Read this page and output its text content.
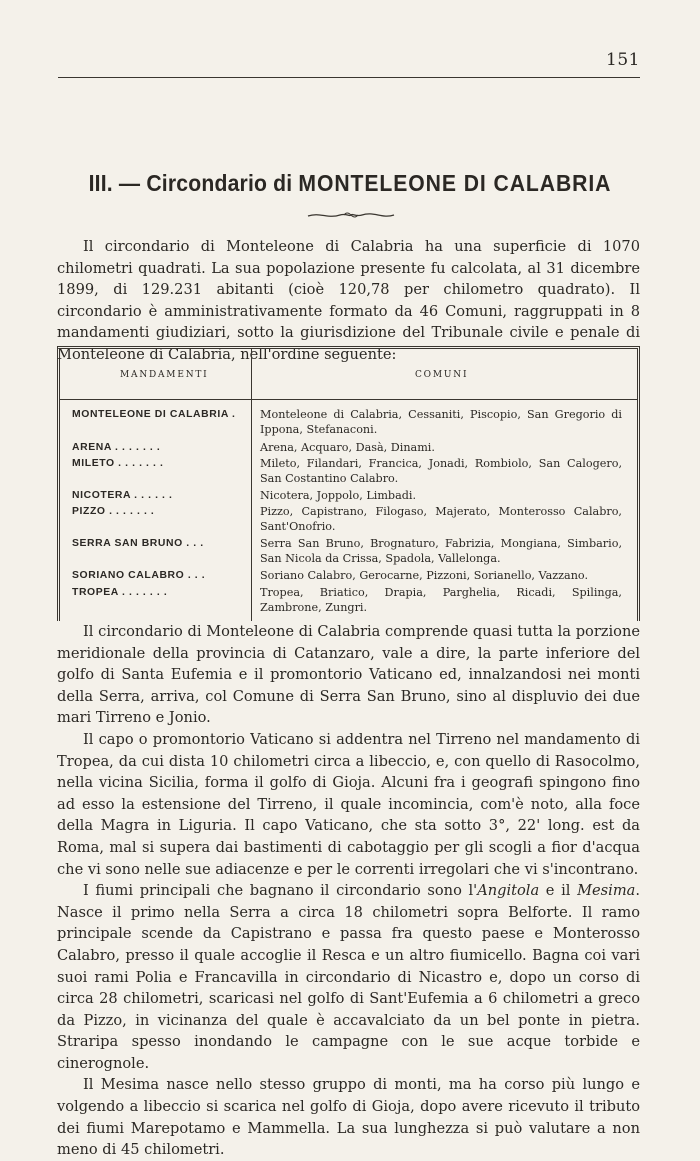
151
III. — Circondario di MONTELEONE DI CALABRIA

Il circondario di Monteleone di Calabria ha una superficie di 1070 chilometri quadrati. La sua popolazione presente fu calcolata, al 31 dicembre 1899, di 129.231 abitanti (cioè 120,78 per chilometro quadrato). Il circondario è amministrativamente formato da 46 Comuni, raggruppati in 8 mandamenti giudiziari, sotto la giurisdizione del Tribunale civile e penale di Monteleone di Calabria, nell'ordine seguente:

MANDAMENTI	COMUNI
MONTELEONE DI CALABRIA .	Monteleone di Calabria, Cessaniti, Piscopio, San Gregorio di Ippona, Stefanaconi.
ARENA . . . . . . .	Arena, Acquaro, Dasà, Dinami.
MILETO . . . . . . .	Mileto, Filandari, Francica, Jonadi, Rombiolo, San Calogero, San Costantino Calabro.
NICOTERA . . . . . .	Nicotera, Joppolo, Limbadi.
PIZZO . . . . . . .	Pizzo, Capistrano, Filogaso, Majerato, Monterosso Calabro, Sant'Onofrio.
SERRA SAN BRUNO . . .	Serra San Bruno, Brognaturo, Fabrizia, Mongiana, Simbario, San Nicola da Crissa, Spadola, Vallelonga.
SORIANO CALABRO . . .	Soriano Calabro, Gerocarne, Pizzoni, Sorianello, Vazzano.
TROPEA . . . . . . .	Tropea, Briatico, Drapia, Parghelia, Ricadi, Spilinga, Zambrone, Zungri.

Il circondario di Monteleone di Calabria comprende quasi tutta la porzione meridionale della provincia di Catanzaro, vale a dire, la parte inferiore del golfo di Santa Eufemia e il promontorio Vaticano ed, innalzandosi nei monti della Serra, arriva, col Comune di Serra San Bruno, sino al displuvio dei due mari Tirreno e Jonio.

Il capo o promontorio Vaticano si addentra nel Tirreno nel mandamento di Tropea, da cui dista 10 chilometri circa a libeccio, e, con quello di Rasocolmo, nella vicina Sicilia, forma il golfo di Gioja. Alcuni fra i geografi spingono fino ad esso la estensione del Tirreno, il quale incomincia, com'è noto, alla foce della Magra in Liguria. Il capo Vaticano, che sta sotto 3°, 22' long. est da Roma, mal si supera dai bastimenti di cabotaggio per gli scogli a fior d'acqua che vi sono nelle sue adiacenze e per le correnti irregolari che vi s'incontrano.

I fiumi principali che bagnano il circondario sono l'Angitola e il Mesima. Nasce il primo nella Serra a circa 18 chilometri sopra Belforte. Il ramo principale scende da Capistrano e passa fra questo paese e Monterosso Calabro, presso il quale accoglie il Resca e un altro fiumicello. Bagna coi vari suoi rami Polia e Francavilla in circondario di Nicastro e, dopo un corso di circa 28 chilometri, scaricasi nel golfo di Sant'Eufemia a 6 chilometri a greco da Pizzo, in vicinanza del quale è accavalciato da un bel ponte in pietra. Straripa spesso inondando le campagne con le sue acque torbide e cinerognole.

Il Mesima nasce nello stesso gruppo di monti, ma ha corso più lungo e volgendo a libeccio si scarica nel golfo di Gioja, dopo avere ricevuto il tributo dei fiumi Marepotamo e Mammella. La sua lunghezza si può valutare a non meno di 45 chilometri.
